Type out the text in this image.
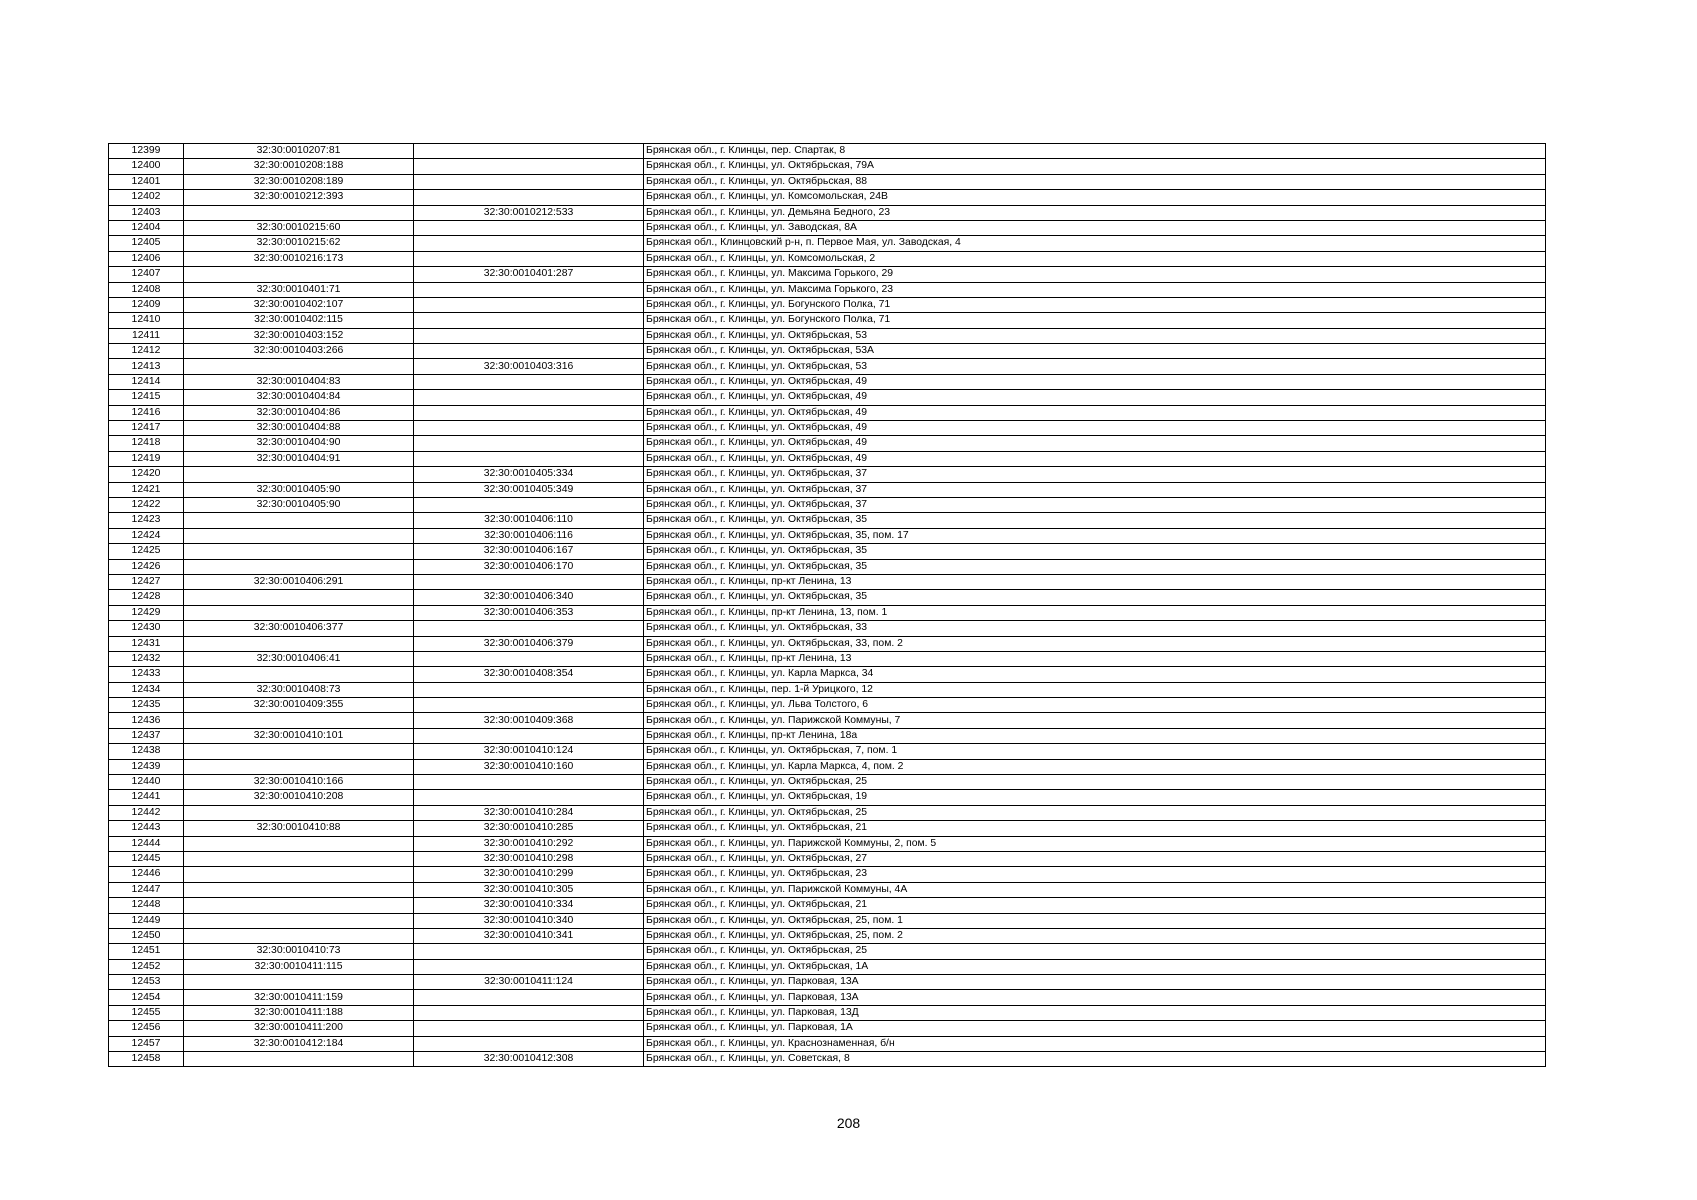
12399	32:30:0010207:81		Брянская обл., г. Клинцы, пер. Спартак, 8
12400	32:30:0010208:188		Брянская обл., г. Клинцы, ул. Октябрьская, 79А
12401	32:30:0010208:189		Брянская обл., г. Клинцы, ул. Октябрьская, 88
12402	32:30:0010212:393		Брянская обл., г. Клинцы, ул. Комсомольская, 24В
12403		32:30:0010212:533	Брянская обл., г. Клинцы, ул. Демьяна Бедного, 23
12404	32:30:0010215:60		Брянская обл., г. Клинцы, ул. Заводская, 8А
12405	32:30:0010215:62		Брянская обл., Клинцовский р-н, п. Первое Мая, ул. Заводская, 4
12406	32:30:0010216:173		Брянская обл., г. Клинцы, ул. Комсомольская, 2
12407		32:30:0010401:287	Брянская обл., г. Клинцы, ул. Максима Горького, 29
12408	32:30:0010401:71		Брянская обл., г. Клинцы, ул. Максима Горького, 23
12409	32:30:0010402:107		Брянская обл., г. Клинцы, ул. Богунского Полка, 71
12410	32:30:0010402:115		Брянская обл., г. Клинцы, ул. Богунского Полка, 71
12411	32:30:0010403:152		Брянская обл., г. Клинцы, ул. Октябрьская, 53
12412	32:30:0010403:266		Брянская обл., г. Клинцы, ул. Октябрьская, 53А
12413		32:30:0010403:316	Брянская обл., г. Клинцы, ул. Октябрьская, 53
12414	32:30:0010404:83		Брянская обл., г. Клинцы, ул. Октябрьская, 49
12415	32:30:0010404:84		Брянская обл., г. Клинцы, ул. Октябрьская, 49
12416	32:30:0010404:86		Брянская обл., г. Клинцы, ул. Октябрьская, 49
12417	32:30:0010404:88		Брянская обл., г. Клинцы, ул. Октябрьская, 49
12418	32:30:0010404:90		Брянская обл., г. Клинцы, ул. Октябрьская, 49
12419	32:30:0010404:91		Брянская обл., г. Клинцы, ул. Октябрьская, 49
12420		32:30:0010405:334	Брянская обл., г. Клинцы, ул. Октябрьская, 37
12421	32:30:0010405:90	32:30:0010405:349	Брянская обл., г. Клинцы, ул. Октябрьская, 37
12422	32:30:0010405:90		Брянская обл., г. Клинцы, ул. Октябрьская, 37
12423		32:30:0010406:110	Брянская обл., г. Клинцы, ул. Октябрьская, 35
12424		32:30:0010406:116	Брянская обл., г. Клинцы, ул. Октябрьская, 35, пом. 17
12425		32:30:0010406:167	Брянская обл., г. Клинцы, ул. Октябрьская, 35
12426		32:30:0010406:170	Брянская обл., г. Клинцы, ул. Октябрьская, 35
12427	32:30:0010406:291		Брянская обл., г. Клинцы, пр-кт Ленина, 13
12428		32:30:0010406:340	Брянская обл., г. Клинцы, ул. Октябрьская, 35
12429		32:30:0010406:353	Брянская обл., г. Клинцы, пр-кт Ленина, 13, пом. 1
12430	32:30:0010406:377		Брянская обл., г. Клинцы, ул. Октябрьская, 33
12431		32:30:0010406:379	Брянская обл., г. Клинцы, ул. Октябрьская, 33, пом. 2
12432	32:30:0010406:41		Брянская обл., г. Клинцы, пр-кт Ленина, 13
12433		32:30:0010408:354	Брянская обл., г. Клинцы, ул. Карла Маркса, 34
12434	32:30:0010408:73		Брянская обл., г. Клинцы, пер. 1-й Урицкого, 12
12435	32:30:0010409:355		Брянская обл., г. Клинцы, ул. Льва Толстого, 6
12436		32:30:0010409:368	Брянская обл., г. Клинцы, ул. Парижской Коммуны, 7
12437	32:30:0010410:101		Брянская обл., г. Клинцы, пр-кт Ленина, 18а
12438		32:30:0010410:124	Брянская обл., г. Клинцы, ул. Октябрьская, 7, пом. 1
12439		32:30:0010410:160	Брянская обл., г. Клинцы, ул. Карла Маркса, 4, пом. 2
12440	32:30:0010410:166		Брянская обл., г. Клинцы, ул. Октябрьская, 25
12441	32:30:0010410:208		Брянская обл., г. Клинцы, ул. Октябрьская, 19
12442		32:30:0010410:284	Брянская обл., г. Клинцы, ул. Октябрьская, 25
12443	32:30:0010410:88	32:30:0010410:285	Брянская обл., г. Клинцы, ул. Октябрьская, 21
12444		32:30:0010410:292	Брянская обл., г. Клинцы, ул. Парижской Коммуны, 2, пом. 5
12445		32:30:0010410:298	Брянская обл., г. Клинцы, ул. Октябрьская, 27
12446		32:30:0010410:299	Брянская обл., г. Клинцы, ул. Октябрьская, 23
12447		32:30:0010410:305	Брянская обл., г. Клинцы, ул. Парижской Коммуны, 4А
12448		32:30:0010410:334	Брянская обл., г. Клинцы, ул. Октябрьская, 21
12449		32:30:0010410:340	Брянская обл., г. Клинцы, ул. Октябрьская, 25, пом. 1
12450		32:30:0010410:341	Брянская обл., г. Клинцы, ул. Октябрьская, 25, пом. 2
12451	32:30:0010410:73		Брянская обл., г. Клинцы, ул. Октябрьская, 25
12452	32:30:0010411:115		Брянская обл., г. Клинцы, ул. Октябрьская, 1А
12453		32:30:0010411:124	Брянская обл., г. Клинцы, ул. Парковая, 13А
12454	32:30:0010411:159		Брянская обл., г. Клинцы, ул. Парковая, 13А
12455	32:30:0010411:188		Брянская обл., г. Клинцы, ул. Парковая, 13Д
12456	32:30:0010411:200		Брянская обл., г. Клинцы, ул. Парковая, 1А
12457	32:30:0010412:184		Брянская обл., г. Клинцы, ул. Краснознаменная, б/н
12458		32:30:0010412:308	Брянская обл., г. Клинцы, ул. Советская, 8
208
